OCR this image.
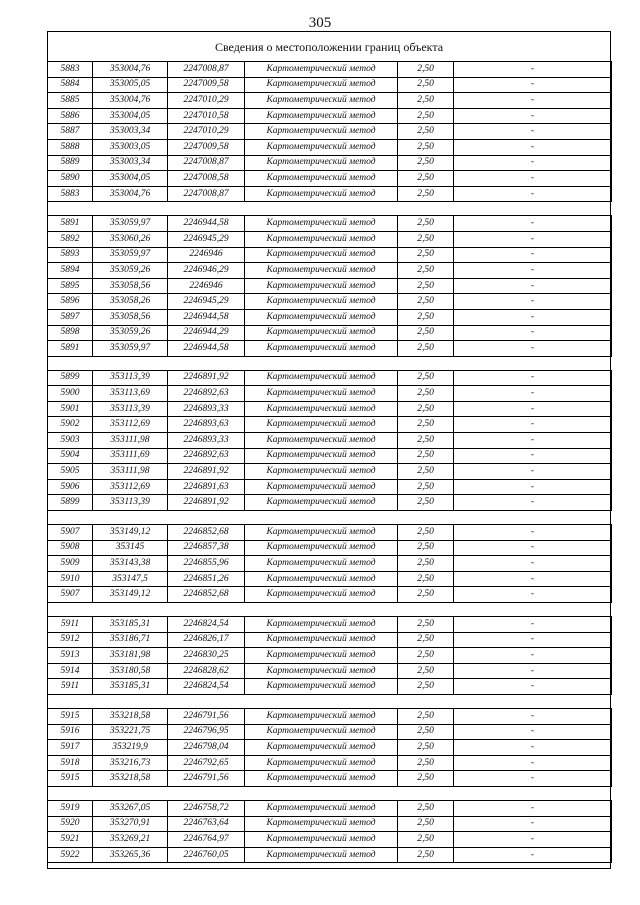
305
Сведения о местоположении границ объекта
5883	353004,76	2247008,87	Картометрический метод	2,50	-
5884	353005,05	2247009,58	Картометрический метод	2,50	-
5885	353004,76	2247010,29	Картометрический метод	2,50	-
5886	353004,05	2247010,58	Картометрический метод	2,50	-
5887	353003,34	2247010,29	Картометрический метод	2,50	-
5888	353003,05	2247009,58	Картометрический метод	2,50	-
5889	353003,34	2247008,87	Картометрический метод	2,50	-
5890	353004,05	2247008,58	Картометрический метод	2,50	-
5883	353004,76	2247008,87	Картометрический метод	2,50	-

5891	353059,97	2246944,58	Картометрический метод	2,50	-
5892	353060,26	2246945,29	Картометрический метод	2,50	-
5893	353059,97	2246946	Картометрический метод	2,50	-
5894	353059,26	2246946,29	Картометрический метод	2,50	-
5895	353058,56	2246946	Картометрический метод	2,50	-
5896	353058,26	2246945,29	Картометрический метод	2,50	-
5897	353058,56	2246944,58	Картометрический метод	2,50	-
5898	353059,26	2246944,29	Картометрический метод	2,50	-
5891	353059,97	2246944,58	Картометрический метод	2,50	-

5899	353113,39	2246891,92	Картометрический метод	2,50	-
5900	353113,69	2246892,63	Картометрический метод	2,50	-
5901	353113,39	2246893,33	Картометрический метод	2,50	-
5902	353112,69	2246893,63	Картометрический метод	2,50	-
5903	353111,98	2246893,33	Картометрический метод	2,50	-
5904	353111,69	2246892,63	Картометрический метод	2,50	-
5905	353111,98	2246891,92	Картометрический метод	2,50	-
5906	353112,69	2246891,63	Картометрический метод	2,50	-
5899	353113,39	2246891,92	Картометрический метод	2,50	-

5907	353149,12	2246852,68	Картометрический метод	2,50	-
5908	353145	2246857,38	Картометрический метод	2,50	-
5909	353143,38	2246855,96	Картометрический метод	2,50	-
5910	353147,5	2246851,26	Картометрический метод	2,50	-
5907	353149,12	2246852,68	Картометрический метод	2,50	-

5911	353185,31	2246824,54	Картометрический метод	2,50	-
5912	353186,71	2246826,17	Картометрический метод	2,50	-
5913	353181,98	2246830,25	Картометрический метод	2,50	-
5914	353180,58	2246828,62	Картометрический метод	2,50	-
5911	353185,31	2246824,54	Картометрический метод	2,50	-

5915	353218,58	2246791,56	Картометрический метод	2,50	-
5916	353221,75	2246796,95	Картометрический метод	2,50	-
5917	353219,9	2246798,04	Картометрический метод	2,50	-
5918	353216,73	2246792,65	Картометрический метод	2,50	-
5915	353218,58	2246791,56	Картометрический метод	2,50	-

5919	353267,05	2246758,72	Картометрический метод	2,50	-
5920	353270,91	2246763,64	Картометрический метод	2,50	-
5921	353269,21	2246764,97	Картометрический метод	2,50	-
5922	353265,36	2246760,05	Картометрический метод	2,50	-
